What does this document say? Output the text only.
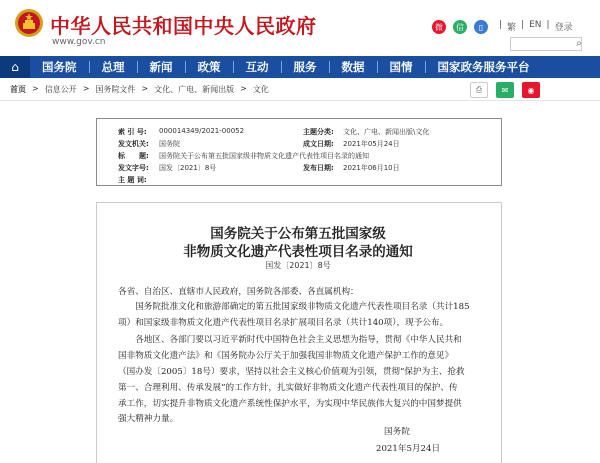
中华人民共和国中央人民政府
www.gov.cn
微	信	▯	| 繁 | EN | 登录
⌕
⌂	国务院	总理	新闻	政策	互动	服务	数据	国情	国家政务服务平台
首页 > 信息公开 > 国务院文件 > 文化、广电、新闻出版 > 文化	⎙	✉	◉
索 引 号: 000014349/2021-00052	主题分类: 文化、广电、新闻出版\文化
发文机关: 国务院	成文日期: 2021年05月24日
标　　题: 国务院关于公布第五批国家级非物质文化遗产代表性项目名录的通知
发文字号: 国发〔2021〕8号	发布日期: 2021年06月10日
主 题 词:
国务院关于公布第五批国家级
非物质文化遗产代表性项目名录的通知
国发〔2021〕8号
各省、自治区、直辖市人民政府，国务院各部委、各直属机构：
　　国务院批准文化和旅游部确定的第五批国家级非物质文化遗产代表性项目名录（共计185
项）和国家级非物质文化遗产代表性项目名录扩展项目名录（共计140项），现予公布。
　　各地区、各部门要以习近平新时代中国特色社会主义思想为指导，贯彻《中华人民共和
国非物质文化遗产法》和《国务院办公厅关于加强我国非物质文化遗产保护工作的意见》
（国办发〔2005〕18号）要求，坚持以社会主义核心价值观为引领，贯彻“保护为主、抢救
第一、合理利用、传承发展”的工作方针，扎实做好非物质文化遗产代表性项目的保护、传
承工作，切实提升非物质文化遗产系统性保护水平，为实现中华民族伟大复兴的中国梦提供
强大精神力量。
国务院
2021年5月24日
